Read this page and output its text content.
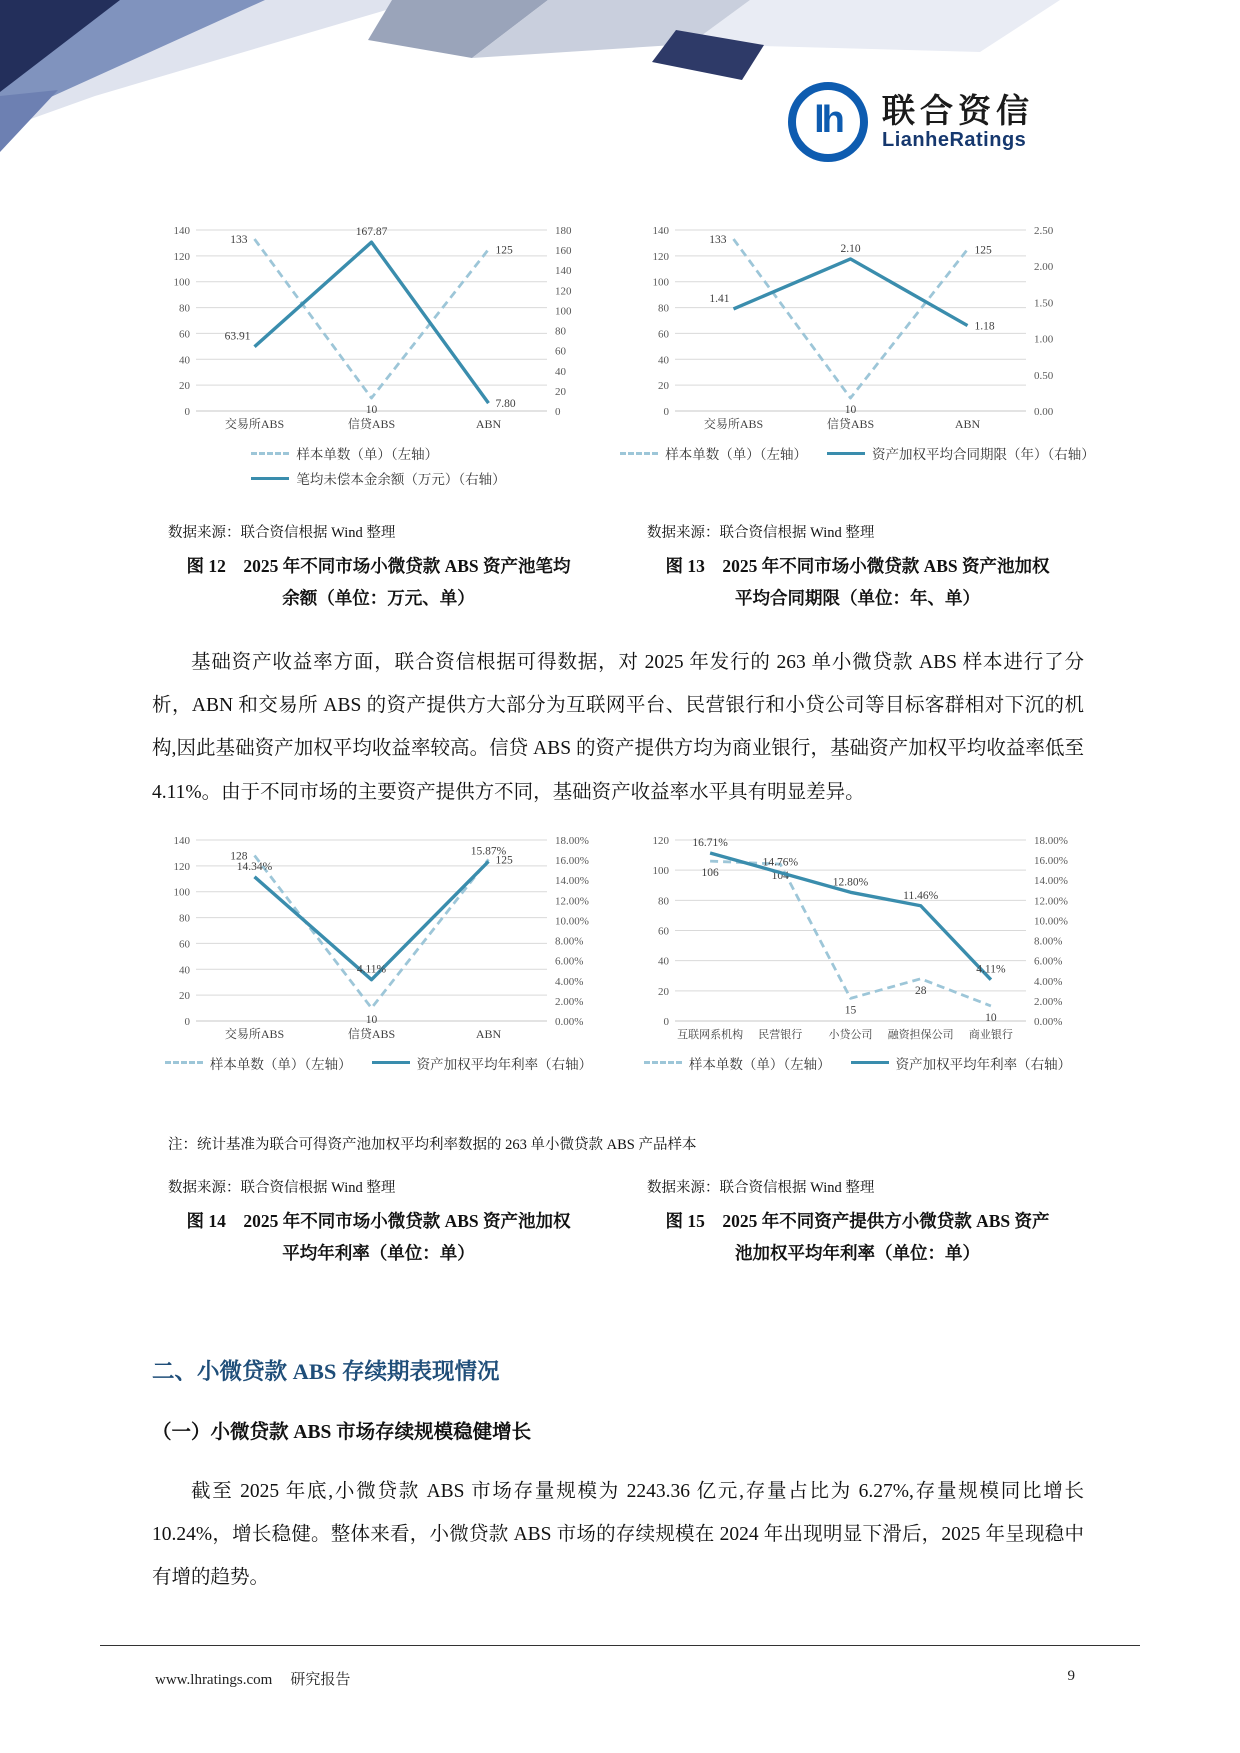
lh 联合资信
LianheRatings
0
20
40
60
80
100
120
140
0
20
40
60
80
100
120
140
160
180
交易所ABS	信贷ABS	ABN
133
10
125
63.91
167.87
7.80
样本单数（单）（左轴）
笔均未偿本金余额（万元）（右轴）
数据来源：联合资信根据 Wind 整理
图 12　2025 年不同市场小微贷款 ABS 资产池笔均余额（单位：万元、单）
0
20
40
60
80
100
120
140
0.00
0.50
1.00
1.50
2.00
2.50
交易所ABS	信贷ABS	ABN
133
10
125
1.41
2.10
1.18
样本单数（单）（左轴）	资产加权平均合同期限（年）（右轴）
数据来源：联合资信根据 Wind 整理
图 13　2025 年不同市场小微贷款 ABS 资产池加权平均合同期限（单位：年、单）

基础资产收益率方面，联合资信根据可得数据，对 2025 年发行的 263 单小微贷款 ABS 样本进行了分析，ABN 和交易所 ABS 的资产提供方大部分为互联网平台、民营银行和小贷公司等目标客群相对下沉的机构,因此基础资产加权平均收益率较高。信贷 ABS 的资产提供方均为商业银行，基础资产加权平均收益率低至 4.11%。由于不同市场的主要资产提供方不同，基础资产收益率水平具有明显差异。

0
20
40
60
80
100
120
140
0.00%
2.00%
4.00%
6.00%
8.00%
10.00%
12.00%
14.00%
16.00%
18.00%
交易所ABS	信贷ABS	ABN
128
10
125
14.34%
4.11%
15.87%
样本单数（单）（左轴）	资产加权平均年利率（右轴）
0
20
40
60
80
100
120
0.00%
2.00%
4.00%
6.00%
8.00%
10.00%
12.00%
14.00%
16.00%
18.00%
互联网系机构 民营银行 小贷公司 融资担保公司 商业银行
106	104
15
28
10
16.71%
14.76%
12.80%
11.46%
4.11%
样本单数（单）（左轴）	资产加权平均年利率（右轴）
注：统计基准为联合可得资产池加权平均利率数据的 263 单小微贷款 ABS 产品样本
数据来源：联合资信根据 Wind 整理
图 14　2025 年不同市场小微贷款 ABS 资产池加权平均年利率（单位：单）
数据来源：联合资信根据 Wind 整理
图 15　2025 年不同资产提供方小微贷款 ABS 资产池加权平均年利率（单位：单）
二、小微贷款 ABS 存续期表现情况
（一）小微贷款 ABS 市场存续规模稳健增长

截至 2025 年底,小微贷款 ABS 市场存量规模为 2243.36 亿元,存量占比为 6.27%,存量规模同比增长 10.24%，增长稳健。整体来看，小微贷款 ABS 市场的存续规模在 2024 年出现明显下滑后，2025 年呈现稳中有增的趋势。

www.lhratings.com 研究报告	9
